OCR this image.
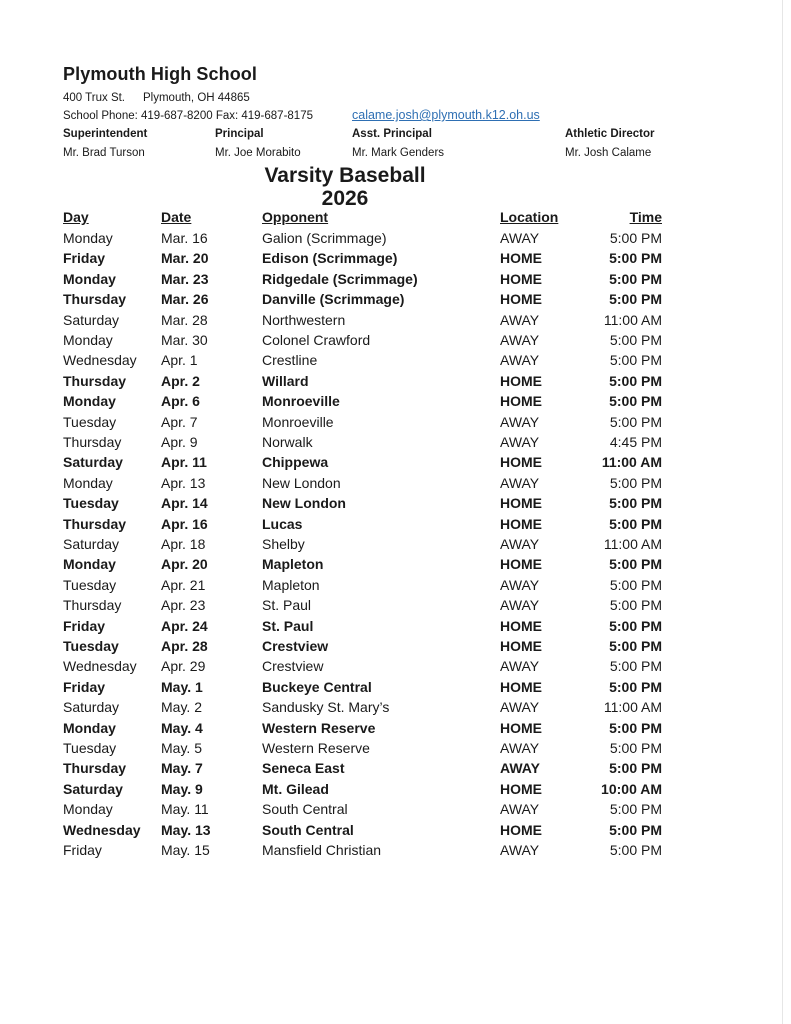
Plymouth High School
400 Trux St. Plymouth, OH 44865
School Phone: 419-687-8200 Fax: 419-687-8175	calame.josh@plymouth.k12.oh.us
Superintendent	Principal	Asst. Principal	Athletic Director
Mr. Brad Turson	Mr. Joe Morabito	Mr. Mark Genders	Mr. Josh Calame
Varsity Baseball
2026
Day	Date	Opponent	Location	Time
Monday	Mar. 16	Galion (Scrimmage)	AWAY	5:00 PM
Friday	Mar. 20	Edison (Scrimmage)	HOME	5:00 PM
Monday	Mar. 23	Ridgedale (Scrimmage)	HOME	5:00 PM
Thursday Mar. 26	Danville (Scrimmage)	HOME	5:00 PM
Saturday	Mar. 28	Northwestern	AWAY	11:00 AM
Monday	Mar. 30	Colonel Crawford	AWAY	5:00 PM
Wednesday Apr. 1	Crestline	AWAY	5:00 PM
Thursday Apr. 2	Willard	HOME	5:00 PM
Monday	Apr. 6	Monroeville	HOME	5:00 PM
Tuesday	Apr. 7	Monroeville	AWAY	5:00 PM
Thursday	Apr. 9	Norwalk	AWAY	4:45 PM
Saturday	Apr. 11	Chippewa	HOME	11:00 AM
Monday	Apr. 13	New London	AWAY	5:00 PM
Tuesday	Apr. 14	New London	HOME	5:00 PM
Thursday Apr. 16	Lucas	HOME	5:00 PM
Saturday	Apr. 18	Shelby	AWAY	11:00 AM
Monday	Apr. 20	Mapleton	HOME	5:00 PM
Tuesday	Apr. 21	Mapleton	AWAY	5:00 PM
Thursday	Apr. 23	St. Paul	AWAY	5:00 PM
Friday	Apr. 24	St. Paul	HOME	5:00 PM
Tuesday	Apr. 28	Crestview	HOME	5:00 PM
Wednesday Apr. 29	Crestview	AWAY	5:00 PM
Friday	May. 1	Buckeye Central	HOME	5:00 PM
Saturday	May. 2	Sandusky St. Mary’s	AWAY	11:00 AM
Monday	May. 4	Western Reserve	HOME	5:00 PM
Tuesday	May. 5	Western Reserve	AWAY	5:00 PM
Thursday May. 7	Seneca East	AWAY	5:00 PM
Saturday	May. 9	Mt. Gilead	HOME	10:00 AM
Monday	May. 11	South Central	AWAY	5:00 PM
Wednesday May. 13	South Central	HOME	5:00 PM
Friday	May. 15	Mansfield Christian	AWAY	5:00 PM
